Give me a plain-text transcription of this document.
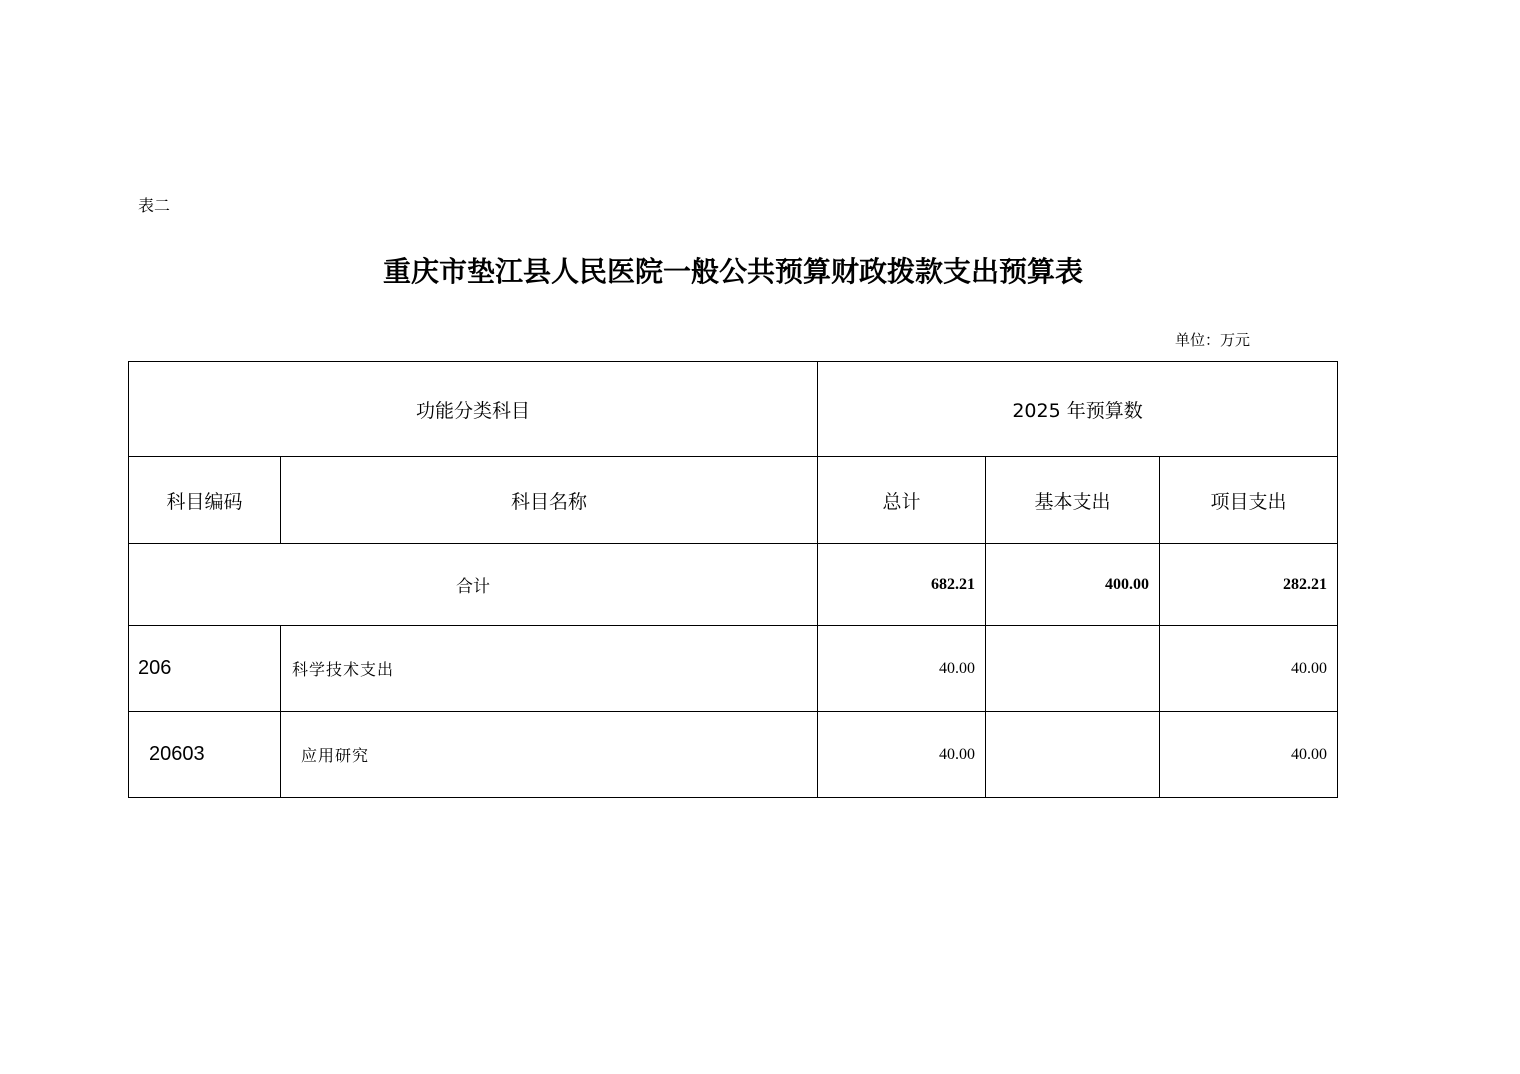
表二
重庆市垫江县人民医院一般公共预算财政拨款支出预算表
单位：万元
功能分类科目		2025 年预算数		
科目编码	科目名称	总计	基本支出	项目支出
合计		682.21	400.00	282.21
206	科学技术支出	40.00		40.00
20603	应用研究	40.00		40.00
